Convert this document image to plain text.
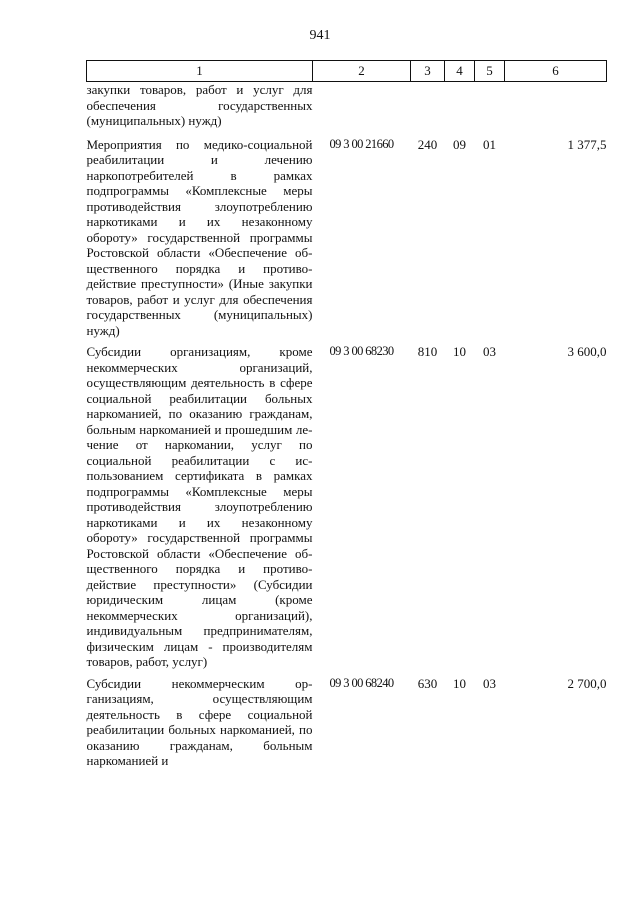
941
1	2	3	4	5	6
закупки товаров, работ и услуг для обеспечения государственных (муниципальных) нужд)					
Мероприятия по медико-социальной реабилитации и лечению наркопотребителей в рамках подпрограммы «Комплексные меры противодействия злоупотреблению наркотиками и их незаконному обороту» государственной программы Ростовской области «Обеспечение общественного порядка и противодействие преступности» (Иные закупки товаров, работ и услуг для обеспечения государственных (муниципальных) нужд)	09 3 00 21660	240	09	01	1 377,5
Субсидии организациям, кроме некоммерческих организаций, осуществляющим деятельность в сфере социальной реабилитации больных наркоманией, по оказанию гражданам, больным наркоманией и прошедшим лечение от наркомании, услуг по социальной реабилитации с использованием сертификата в рамках подпрограммы «Комплексные меры противодействия злоупотреблению наркотиками и их незаконному обороту» государственной программы Ростовской области «Обеспечение общественного порядка и противодействие преступности» (Субсидии юридическим лицам (кроме некоммерческих организаций), индивидуальным предпринимателям, физическим лицам - производителям товаров, работ, услуг)	09 3 00 68230	810	10	03	3 600,0
Субсидии некоммерческим организациям, осуществляющим деятельность в сфере социальной реабилитации больных наркоманией, по оказанию гражданам, больным наркоманией и	09 3 00 68240	630	10	03	2 700,0
